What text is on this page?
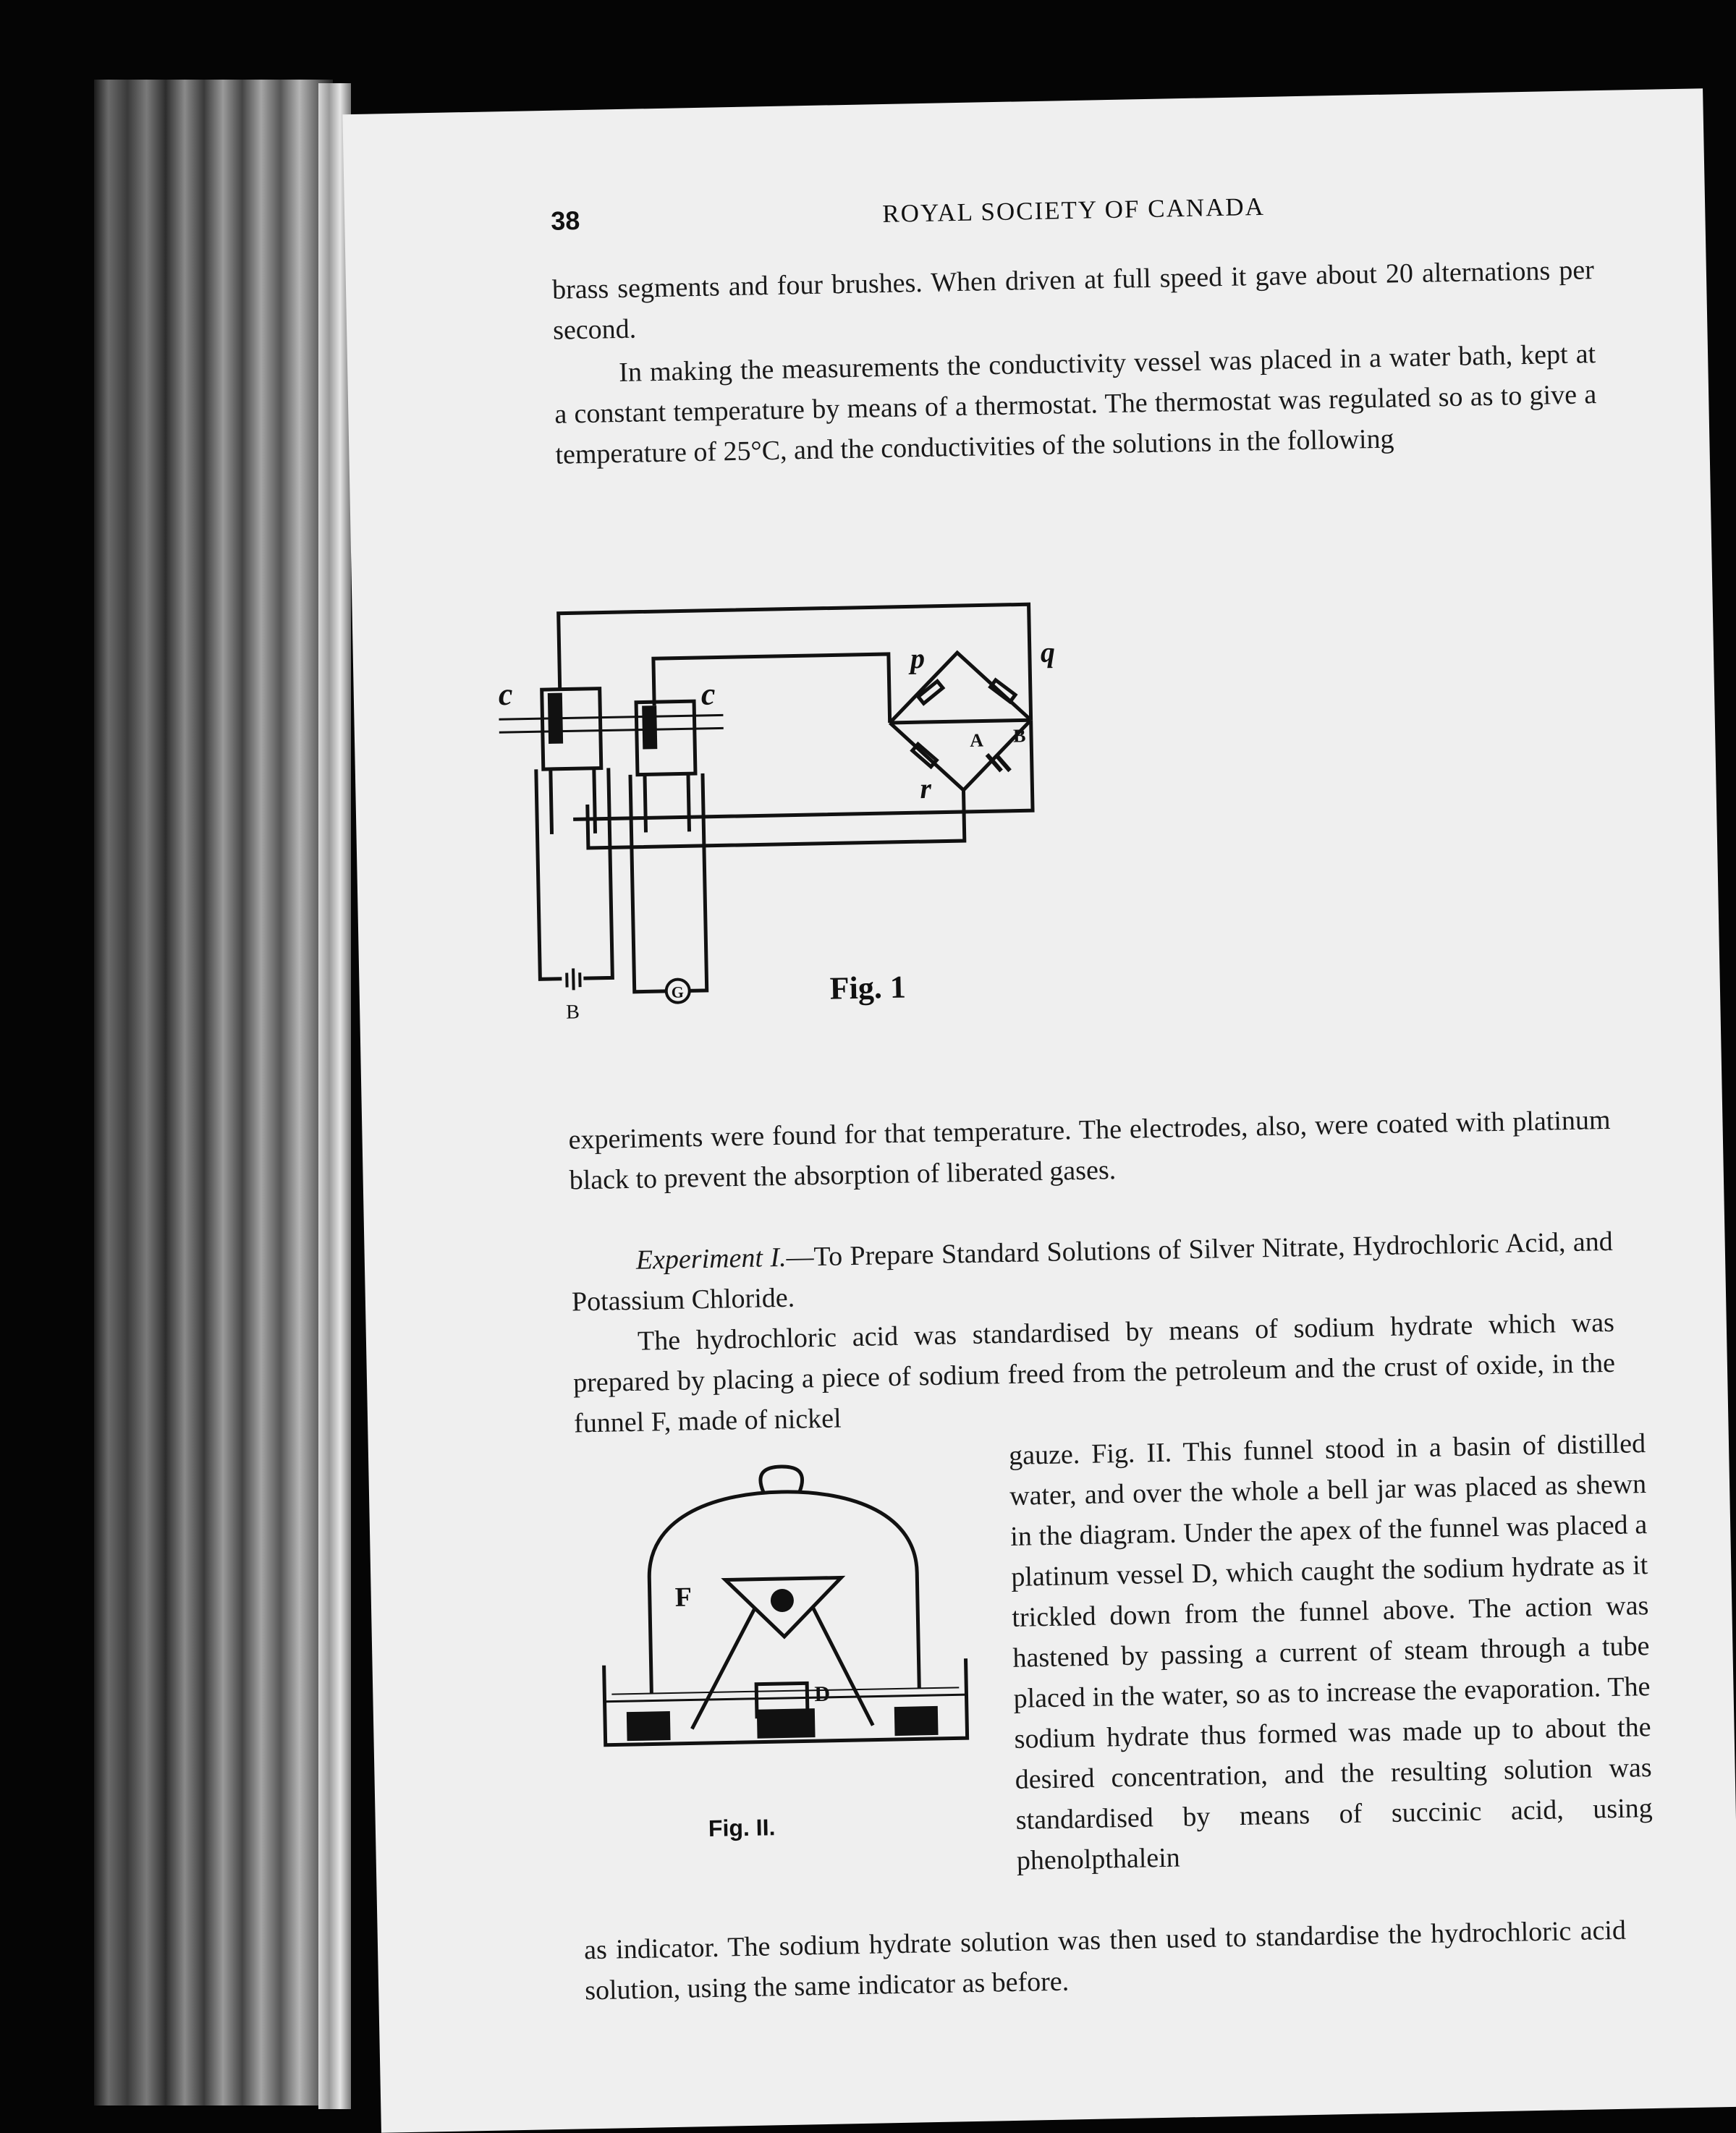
38	ROYAL SOCIETY OF CANADA

brass segments and four brushes. When driven at full speed it gave about 20 alternations per second.

In making the measurements the conductivity vessel was placed in a water bath, kept at a constant temperature by means of a thermostat. The thermostat was regulated so as to give a temperature of 25°C, and the conductivities of the solutions in the following

c	c
p	q
r
A B
B
G	Fig. 1

experiments were found for that temperature. The electrodes, also, were coated with platinum black to prevent the absorption of liberated gases.

Experiment I.—To Prepare Standard Solutions of Silver Nitrate, Hydrochloric Acid, and Potassium Chloride.

The hydrochloric acid was standardised by means of sodium hydrate which was prepared by placing a piece of sodium freed from the petroleum and the crust of oxide, in the funnel F, made of nickel

F
D
Fig. II.

gauze. Fig. II. This funnel stood in a basin of distilled water, and over the whole a bell jar was placed as shewn in the diagram. Under the apex of the funnel was placed a platinum vessel D, which caught the sodium hydrate as it trickled down from the funnel above. The action was hastened by passing a current of steam through a tube placed in the water, so as to increase the evaporation. The sodium hydrate thus formed was made up to about the desired concentration, and the resulting solution was standardised by means of succinic acid, using phenolpthalein

as indicator. The sodium hydrate solution was then used to standardise the hydrochloric acid solution, using the same indicator as before.
